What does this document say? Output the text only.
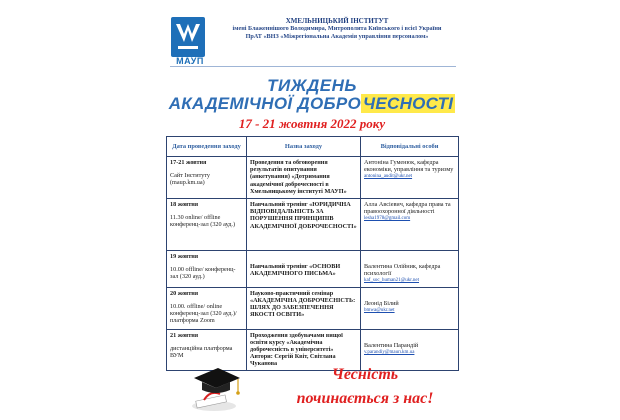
МАУП
ХМЕЛЬНИЦЬКИЙ ІНСТИТУТ
імені Блаженнішого Володимира, Митрополита Київського і всієї України
ПрАТ «ВНЗ «Міжрегіональна Академія управління персоналом»
ТИЖДЕНЬ
АКАДЕМІЧНОЇ ДОБРО ЧЕСНОСТІ
17 - 21 жовтня 2022 року
Дата проведення заходу	Назва заходу	Відповідальні особи

17-21 жовтня
Сайт Інституту (maup.km.ua)	Проведення та обговорення результатів опитування (анкетування) «Дотримання академічної доброчесності в Хмельницькому інституті МАУП»	Антоніна Гуменюк, кафедра економіки, управління та туризму
antonina_audit@ukr.net

18 жовтня
11.30 online/ offline конференц-зал (320 ауд.)	Навчальний тренінг «ЮРИДИЧНА ВІДПОВІДАЛЬНІСТЬ ЗА ПОРУШЕННЯ ПРИНЦИПІВ АКАДЕМІЧНОЇ ДОБРОЧЕСНОСТІ»	Алла Авсіевич, кафедра права та правоохоронної діяльності
lesha1978@gmail.com

19 жовтня
10.00 offline/ конференц-зал (320 ауд.)	Навчальний тренінг «ОСНОВИ АКАДЕМІЧНОГО ПИСЬМА»	Валентина Олійник, кафедра психології
kaf_soc_human21@ukr.net

20 жовтня
10.00. offline/ online конференц-зал (320 ауд.)/ платформа Zoom	Науково-практичний семінар «АКАДЕМІЧНА ДОБРОЧЕСНІСТЬ: ШЛЯХ ДО ЗАБЕЗПЕЧЕННЯ ЯКОСТІ ОСВІТИ»	Леонід Білий
bmwa@ukr.net

21 жовтня
дистанційна платформа ВУМ	Проходження здобувачами вищої освіти курсу «Академічна доброчесність в університеті» Автори: Сергій Квіт, Світлана Чуканова	Валентина Парандій
v.parandiy@mauп.km.ua
Чесність
починається з нас!
